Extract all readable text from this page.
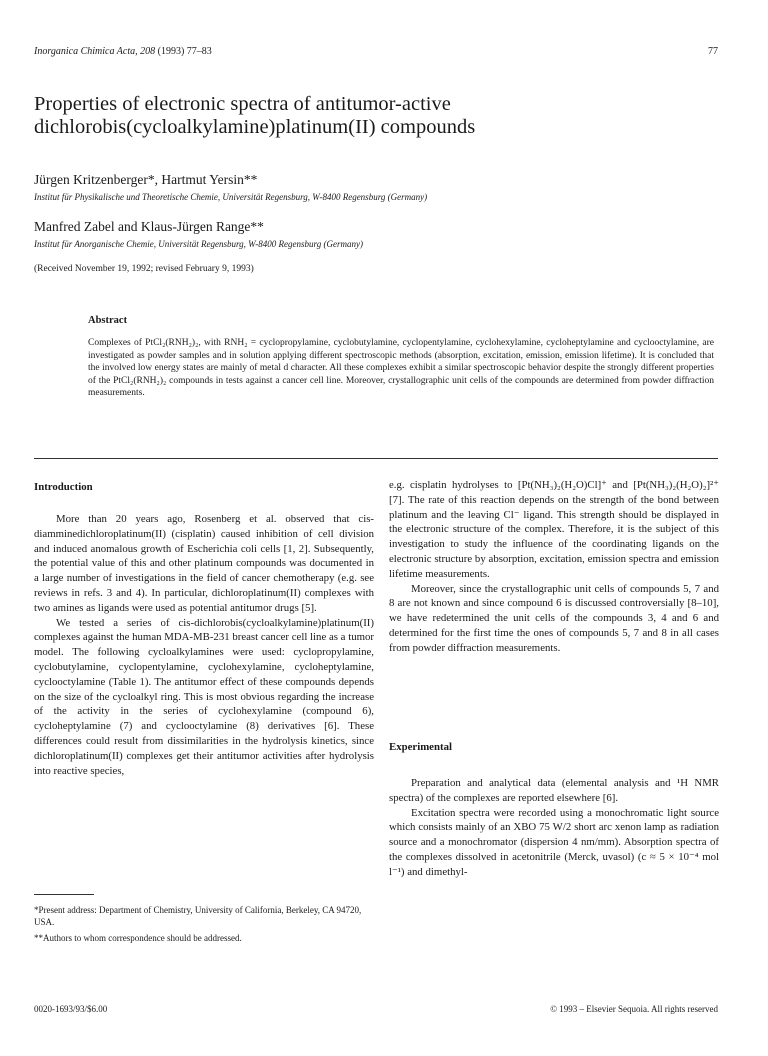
Inorganica Chimica Acta, 208 (1993) 77–83	77
Properties of electronic spectra of antitumor-active
dichlorobis(cycloalkylamine)platinum(II) compounds
Jürgen Kritzenberger*, Hartmut Yersin**
Institut für Physikalische und Theoretische Chemie, Universität Regensburg, W-8400 Regensburg (Germany)
Manfred Zabel and Klaus-Jürgen Range**
Institut für Anorganische Chemie, Universität Regensburg, W-8400 Regensburg (Germany)
(Received November 19, 1992; revised February 9, 1993)
Abstract
Complexes of PtCl₂(RNH₂)₂, with RNH₂ = cyclopropylamine, cyclobutylamine, cyclopentylamine, cyclohexylamine, cycloheptylamine and cyclooctylamine, are investigated as powder samples and in solution applying different spectroscopic methods (absorption, excitation, emission, emission lifetime). It is concluded that the involved low energy states are mainly of metal d character. All these complexes exhibit a similar spectroscopic behavior despite the strongly different properties of the PtCl₂(RNH₂)₂ compounds in tests against a cancer cell line. Moreover, crystallographic unit cells of the compounds are determined from powder diffraction measurements.
Introduction

More than 20 years ago, Rosenberg et al. observed that cis-diamminedichloroplatinum(II) (cisplatin) caused inhibition of cell division and induced anomalous growth of Escherichia coli cells [1, 2]. Subsequently, the potential value of this and other platinum compounds was documented in a large number of investigations in the field of cancer chemotherapy (e.g. see reviews in refs. 3 and 4). In particular, dichloroplatinum(II) complexes with two amines as ligands were used as potential antitumor drugs [5].

We tested a series of cis-dichlorobis(cycloalkylamine)platinum(II) complexes against the human MDA-MB-231 breast cancer cell line as a tumor model. The following cycloalkylamines were used: cyclopropylamine, cyclobutylamine, cyclopentylamine, cyclohexylamine, cycloheptylamine, cyclooctylamine (Table 1). The antitumor effect of these compounds depends on the size of the cycloalkyl ring. This is most obvious regarding the increase of the activity in the series of cyclohexylamine (compound 6), cycloheptylamine (7) and cyclooctylamine (8) derivatives [6]. These differences could result from dissimilarities in the hydrolysis kinetics, since dichloroplatinum(II) complexes get their antitumor activities after hydrolysis into reactive species,

*Present address: Department of Chemistry, University of California, Berkeley, CA 94720, USA.
**Authors to whom correspondence should be addressed.

e.g. cisplatin hydrolyses to [Pt(NH₃)₂(H₂O)Cl]⁺ and [Pt(NH₃)₂(H₂O)₂]²⁺ [7]. The rate of this reaction depends on the strength of the bond between platinum and the leaving Cl⁻ ligand. This strength should be displayed in the electronic structure of the complex. Therefore, it is the subject of this investigation to study the influence of the coordinating ligands on the electronic structure by absorption, excitation, emission spectra and emission lifetime measurements.

Moreover, since the crystallographic unit cells of compounds 5, 7 and 8 are not known and since compound 6 is discussed controversially [8–10], we have redetermined the unit cells of the compounds 3, 4 and 6 and determined for the first time the ones of compounds 5, 7 and 8 in all cases from powder diffraction measurements.

Experimental

Preparation and analytical data (elemental analysis and ¹H NMR spectra) of the complexes are reported elsewhere [6].

Excitation spectra were recorded using a monochromatic light source which consists mainly of an XBO 75 W/2 short arc xenon lamp as radiation source and a monochromator (dispersion 4 nm/mm). Absorption spectra of the complexes dissolved in acetonitrile (Merck, uvasol) (c ≈ 5 × 10⁻⁴ mol l⁻¹) and dimethyl-

0020-1693/93/$6.00	© 1993 – Elsevier Sequoia. All rights reserved
